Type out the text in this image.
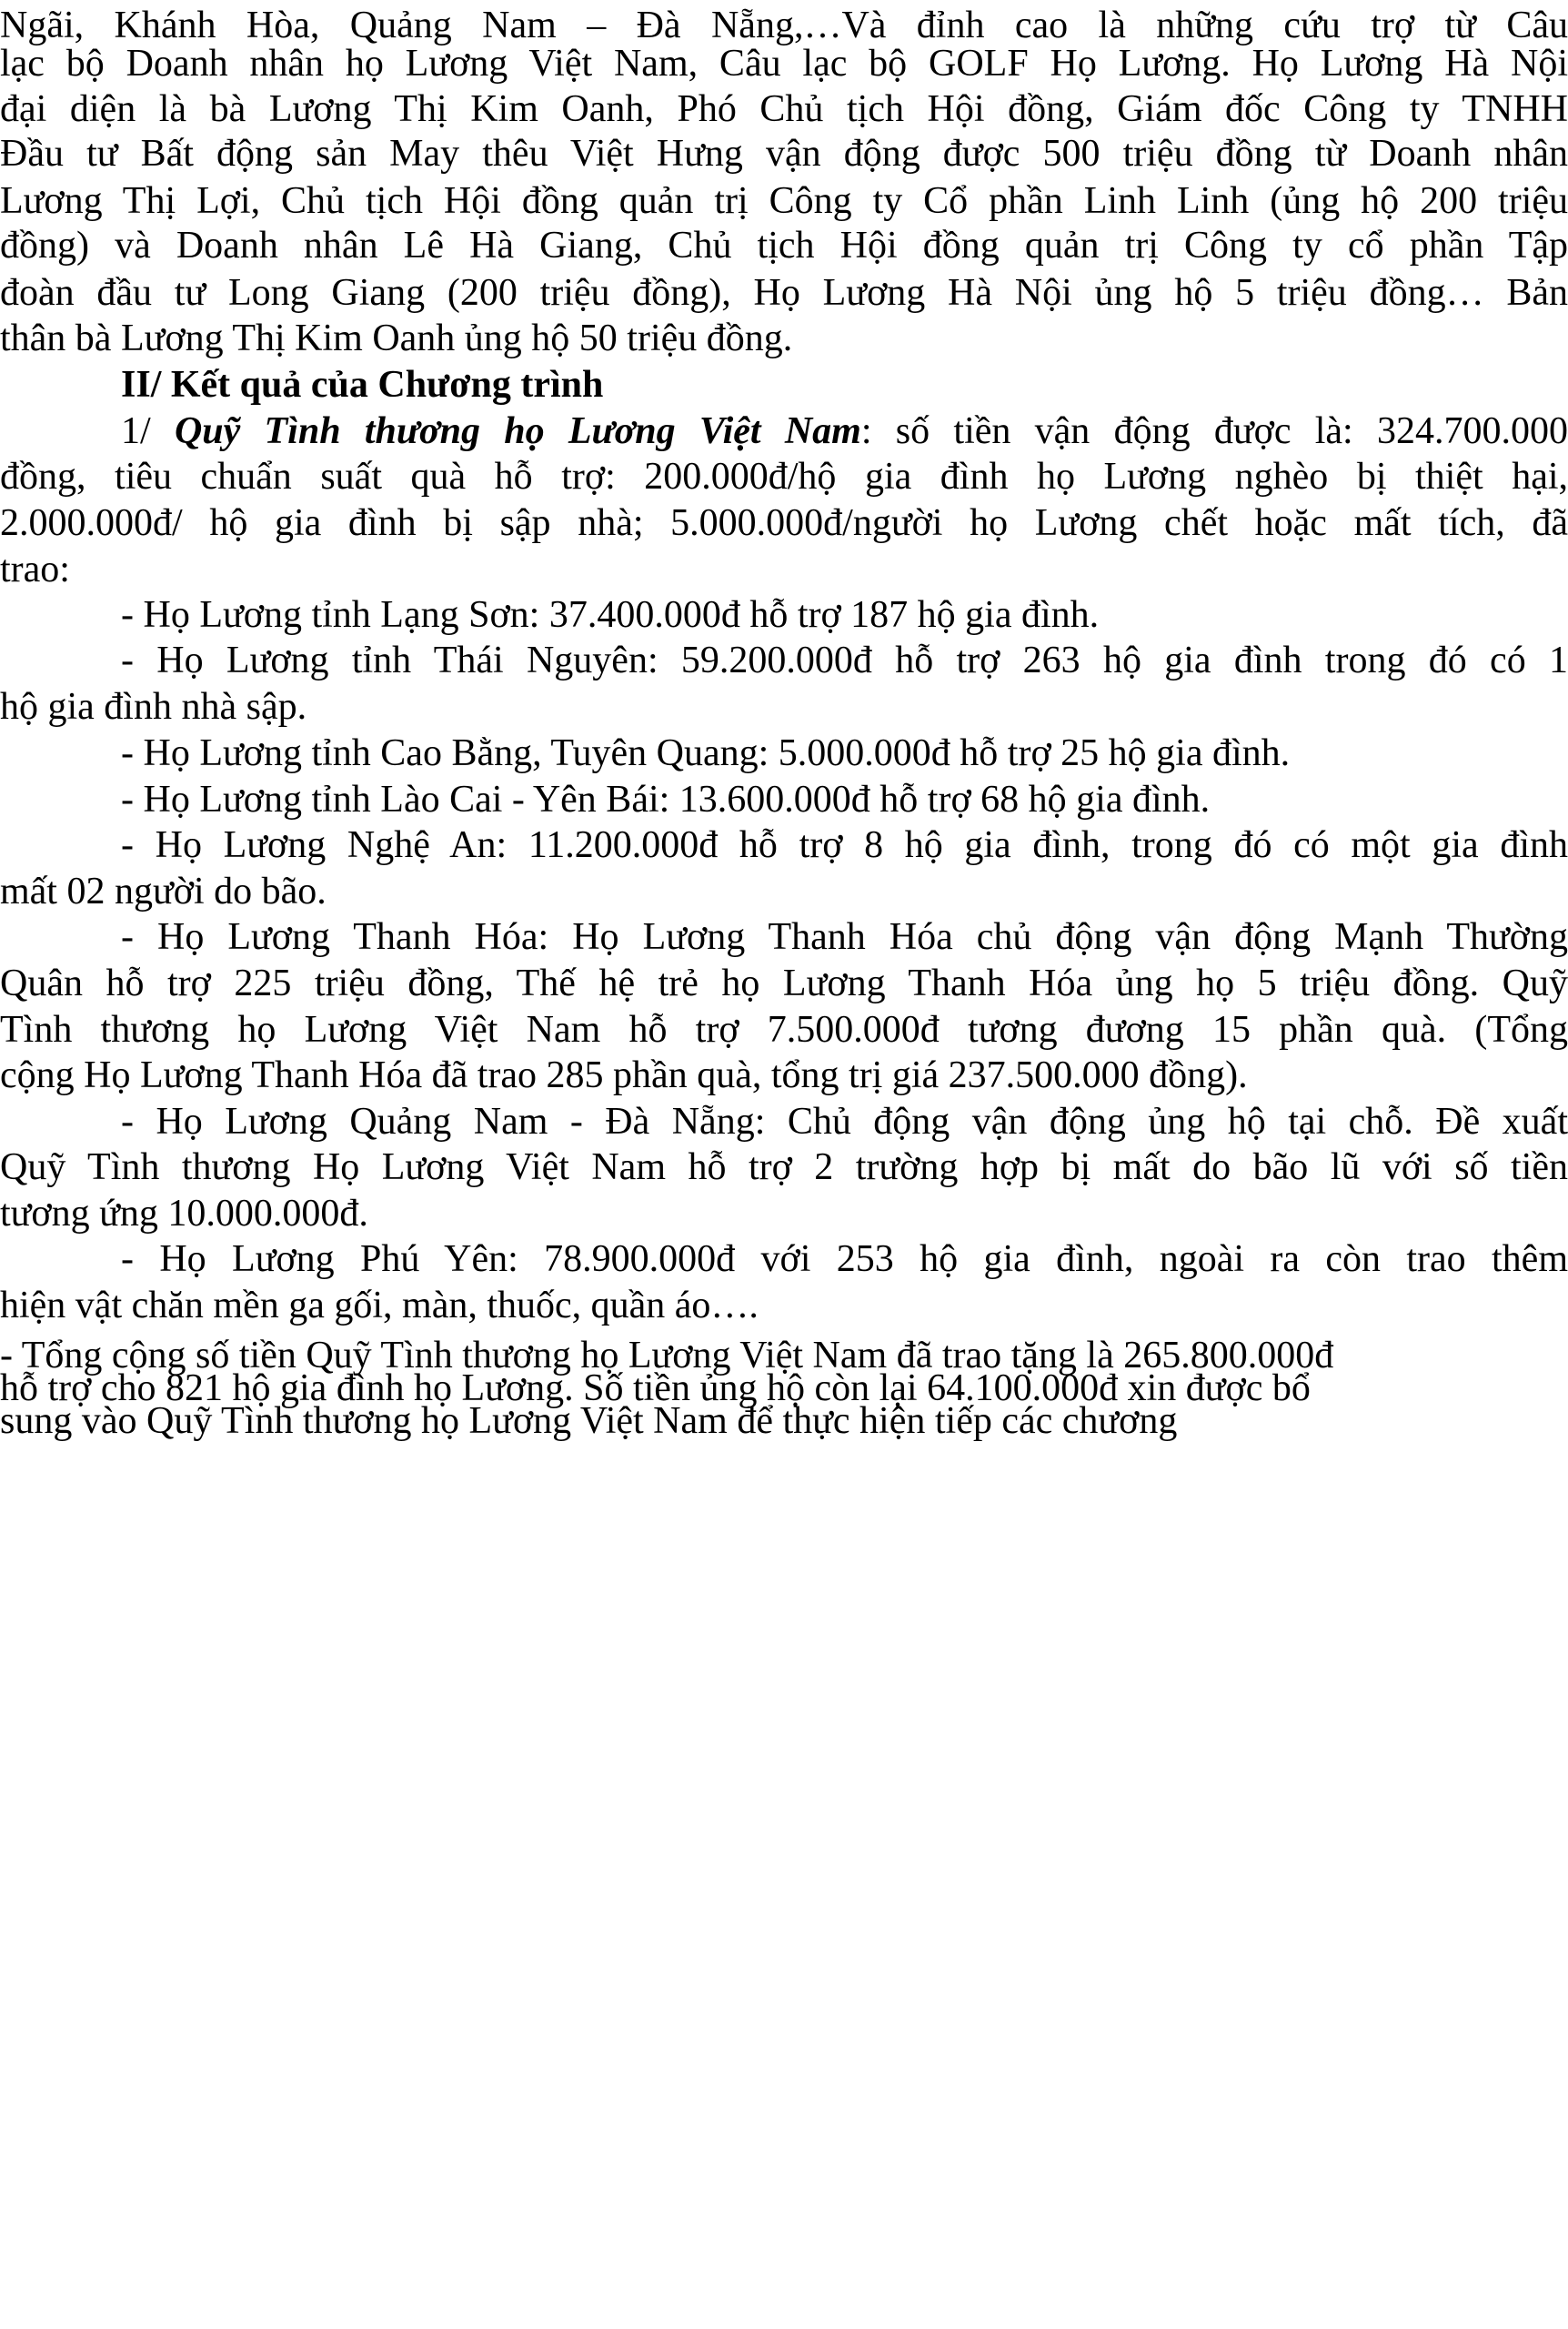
Ngãi, Khánh Hòa, Quảng Nam – Đà Nẵng,…Và đỉnh cao là những cứu trợ từ Câu
lạc bộ Doanh nhân họ Lương Việt Nam, Câu lạc bộ GOLF Họ Lương. Họ Lương Hà Nội
đại diện là bà Lương Thị Kim Oanh, Phó Chủ tịch Hội đồng, Giám đốc Công ty TNHH
Đầu tư Bất động sản May thêu Việt Hưng vận động được 500 triệu đồng từ Doanh nhân
Lương Thị Lợi, Chủ tịch Hội đồng quản trị Công ty Cổ phần Linh Linh (ủng hộ 200 triệu
đồng) và Doanh nhân Lê Hà Giang, Chủ tịch Hội đồng quản trị Công ty cổ phần Tập
đoàn đầu tư Long Giang (200 triệu đồng), Họ Lương Hà Nội ủng hộ 5 triệu đồng… Bản
thân bà Lương Thị Kim Oanh ủng hộ 50 triệu đồng.
II/ Kết quả của Chương trình
1/ Quỹ Tình thương họ Lương Việt Nam: số tiền vận động được là: 324.700.000
đồng, tiêu chuẩn suất quà hỗ trợ: 200.000đ/hộ gia đình họ Lương nghèo bị thiệt hại,
2.000.000đ/ hộ gia đình bị sập nhà; 5.000.000đ/người họ Lương chết hoặc mất tích, đã
trao:
- Họ Lương tỉnh Lạng Sơn: 37.400.000đ hỗ trợ 187 hộ gia đình.
- Họ Lương tỉnh Thái Nguyên: 59.200.000đ hỗ trợ 263 hộ gia đình trong đó có 1
hộ gia đình nhà sập.
- Họ Lương tỉnh Cao Bằng, Tuyên Quang: 5.000.000đ hỗ trợ 25 hộ gia đình.
- Họ Lương tỉnh Lào Cai - Yên Bái: 13.600.000đ hỗ trợ 68 hộ gia đình.
- Họ Lương Nghệ An: 11.200.000đ hỗ trợ 8 hộ gia đình, trong đó có một gia đình
mất 02 người do bão.
- Họ Lương Thanh Hóa: Họ Lương Thanh Hóa chủ động vận động Mạnh Thường
Quân hỗ trợ 225 triệu đồng, Thế hệ trẻ họ Lương Thanh Hóa ủng họ 5 triệu đồng. Quỹ
Tình thương họ Lương Việt Nam hỗ trợ 7.500.000đ tương đương 15 phần quà. (Tổng
cộng Họ Lương Thanh Hóa đã trao 285 phần quà, tổng trị giá 237.500.000 đồng).
- Họ Lương Quảng Nam - Đà Nẵng: Chủ động vận động ủng hộ tại chỗ. Đề xuất
Quỹ Tình thương Họ Lương Việt Nam hỗ trợ 2 trường hợp bị mất do bão lũ với số tiền
tương ứng 10.000.000đ.
- Họ Lương Phú Yên: 78.900.000đ với 253 hộ gia đình, ngoài ra còn trao thêm
hiện vật chăn mền ga gối, màn, thuốc, quần áo….
- Tổng cộng số tiền Quỹ Tình thương họ Lương Việt Nam đã trao tặng là 265.800.000đ
hỗ trợ cho 821 hộ gia đình họ Lương. Số tiền ủng hộ còn lại 64.100.000đ xin được bổ
sung vào Quỹ Tình thương họ Lương Việt Nam để thực hiện tiếp các chương
